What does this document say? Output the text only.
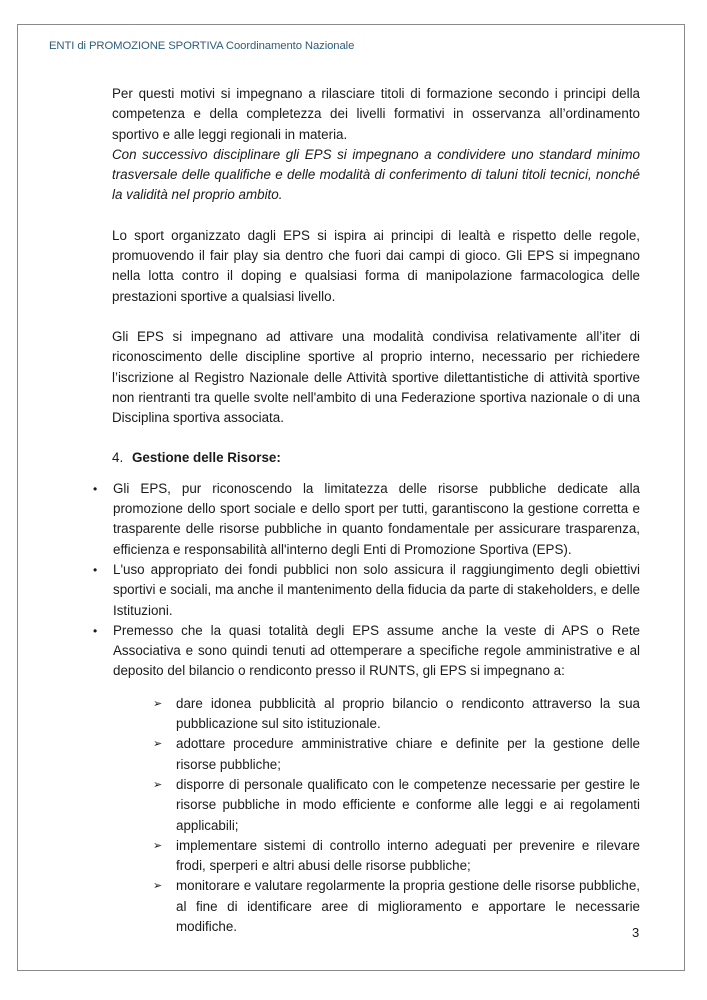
ENTI di PROMOZIONE SPORTIVA Coordinamento Nazionale

Per questi motivi si impegnano a rilasciare titoli di formazione secondo i principi della competenza e della completezza dei livelli formativi in osservanza all’ordinamento sportivo e alle leggi regionali in materia.

Con successivo disciplinare gli EPS si impegnano a condividere uno standard minimo trasversale delle qualifiche e delle modalità di conferimento di taluni titoli tecnici, nonché la validità nel proprio ambito.

Lo sport organizzato dagli EPS si ispira ai principi di lealtà e rispetto delle regole, promuovendo il fair play sia dentro che fuori dai campi di gioco. Gli EPS si impegnano nella lotta contro il doping e qualsiasi forma di manipolazione farmacologica delle prestazioni sportive a qualsiasi livello.

Gli EPS si impegnano ad attivare una modalità condivisa relativamente all’iter di riconoscimento delle discipline sportive al proprio interno, necessario per richiedere l’iscrizione al Registro Nazionale delle Attività sportive dilettantistiche di attività sportive non rientranti tra quelle svolte nell'ambito di una Federazione sportiva nazionale o di una Disciplina sportiva associata.

4. Gestione delle Risorse:
•	Gli EPS, pur riconoscendo la limitatezza delle risorse pubbliche dedicate alla promozione dello sport sociale e dello sport per tutti, garantiscono la gestione corretta e trasparente delle risorse pubbliche in quanto fondamentale per assicurare trasparenza, efficienza e responsabilità all'interno degli Enti di Promozione Sportiva (EPS).
•	L'uso appropriato dei fondi pubblici non solo assicura il raggiungimento degli obiettivi sportivi e sociali, ma anche il mantenimento della fiducia da parte di stakeholders, e delle Istituzioni.
•	Premesso che la quasi totalità degli EPS assume anche la veste di APS o Rete Associativa e sono quindi tenuti ad ottemperare a specifiche regole amministrative e al deposito del bilancio o rendiconto presso il RUNTS, gli EPS si impegnano a:
➢	dare idonea pubblicità al proprio bilancio o rendiconto attraverso la sua pubblicazione sul sito istituzionale.
➢	adottare procedure amministrative chiare e definite per la gestione delle risorse pubbliche;
➢	disporre di personale qualificato con le competenze necessarie per gestire le risorse pubbliche in modo efficiente e conforme alle leggi e ai regolamenti applicabili;
➢	implementare sistemi di controllo interno adeguati per prevenire e rilevare frodi, sperperi e altri abusi delle risorse pubbliche;
➢	monitorare e valutare regolarmente la propria gestione delle risorse pubbliche, al fine di identificare aree di miglioramento e apportare le necessarie modifiche.	3
